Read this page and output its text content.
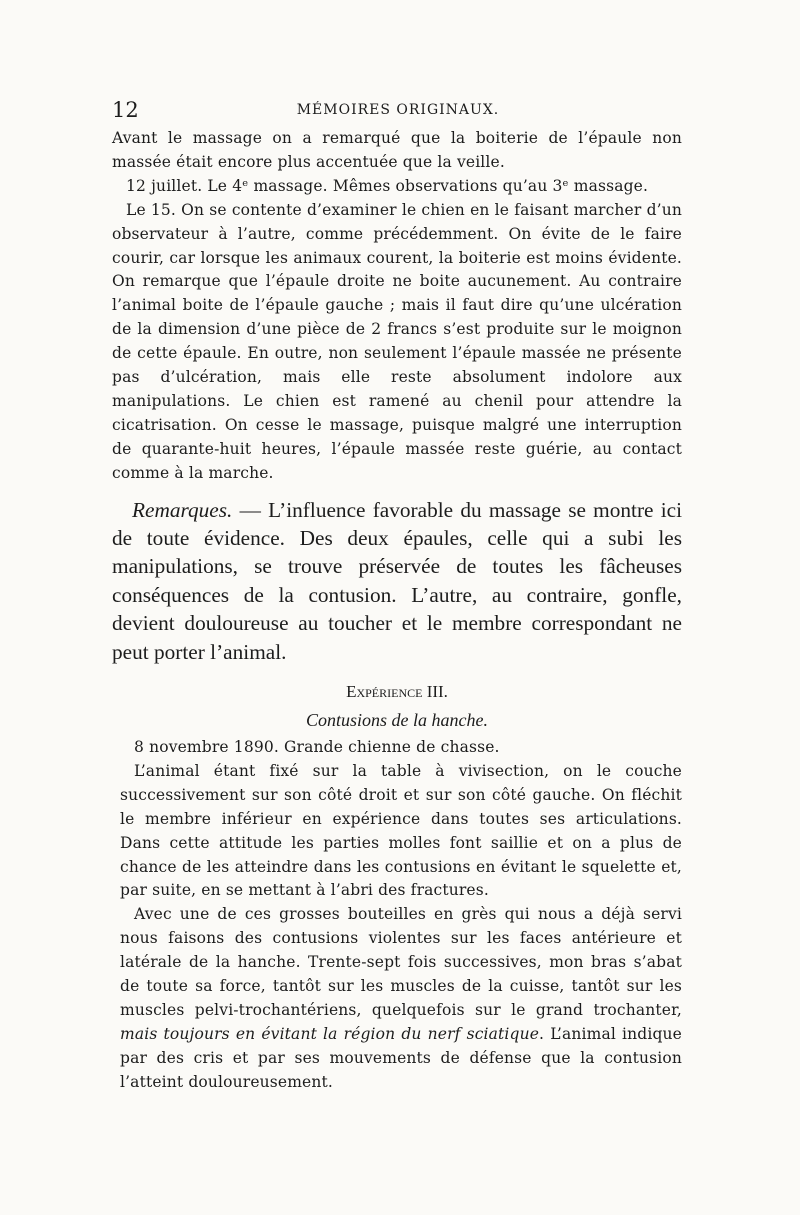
12	MÉMOIRES ORIGINAUX.

Avant le massage on a remarqué que la boiterie de l’épaule non massée était encore plus accentuée que la veille.

12 juillet. Le 4ᵉ massage. Mêmes observations qu’au 3ᵉ massage.

Le 15. On se contente d’examiner le chien en le faisant marcher d’un observateur à l’autre, comme précédemment. On évite de le faire courir, car lorsque les animaux courent, la boiterie est moins évidente. On remarque que l’épaule droite ne boite aucunement. Au contraire l’animal boite de l’épaule gauche ; mais il faut dire qu’une ulcération de la dimension d’une pièce de 2 francs s’est produite sur le moignon de cette épaule. En outre, non seulement l’épaule massée ne présente pas d’ulcération, mais elle reste absolument indolore aux manipulations. Le chien est ramené au chenil pour attendre la cicatrisation. On cesse le massage, puisque malgré une interruption de quarante-huit heures, l’épaule massée reste guérie, au contact comme à la marche.

Remarques. — L’influence favorable du massage se montre ici de toute évidence. Des deux épaules, celle qui a subi les manipulations, se trouve préservée de toutes les fâcheuses conséquences de la contusion. L’autre, au contraire, gonfle, devient douloureuse au toucher et le membre correspondant ne peut porter l’animal.

Expérience III.

Contusions de la hanche.

8 novembre 1890. Grande chienne de chasse.

L’animal étant fixé sur la table à vivisection, on le couche successivement sur son côté droit et sur son côté gauche. On fléchit le membre inférieur en expérience dans toutes ses articulations. Dans cette attitude les parties molles font saillie et on a plus de chance de les atteindre dans les contusions en évitant le squelette et, par suite, en se mettant à l’abri des fractures.

Avec une de ces grosses bouteilles en grès qui nous a déjà servi nous faisons des contusions violentes sur les faces antérieure et latérale de la hanche. Trente-sept fois successives, mon bras s’abat de toute sa force, tantôt sur les muscles de la cuisse, tantôt sur les muscles pelvi-trochantériens, quelquefois sur le grand trochanter, mais toujours en évitant la région du nerf sciatique. L’animal indique par des cris et par ses mouvements de défense que la contusion l’atteint douloureusement.
